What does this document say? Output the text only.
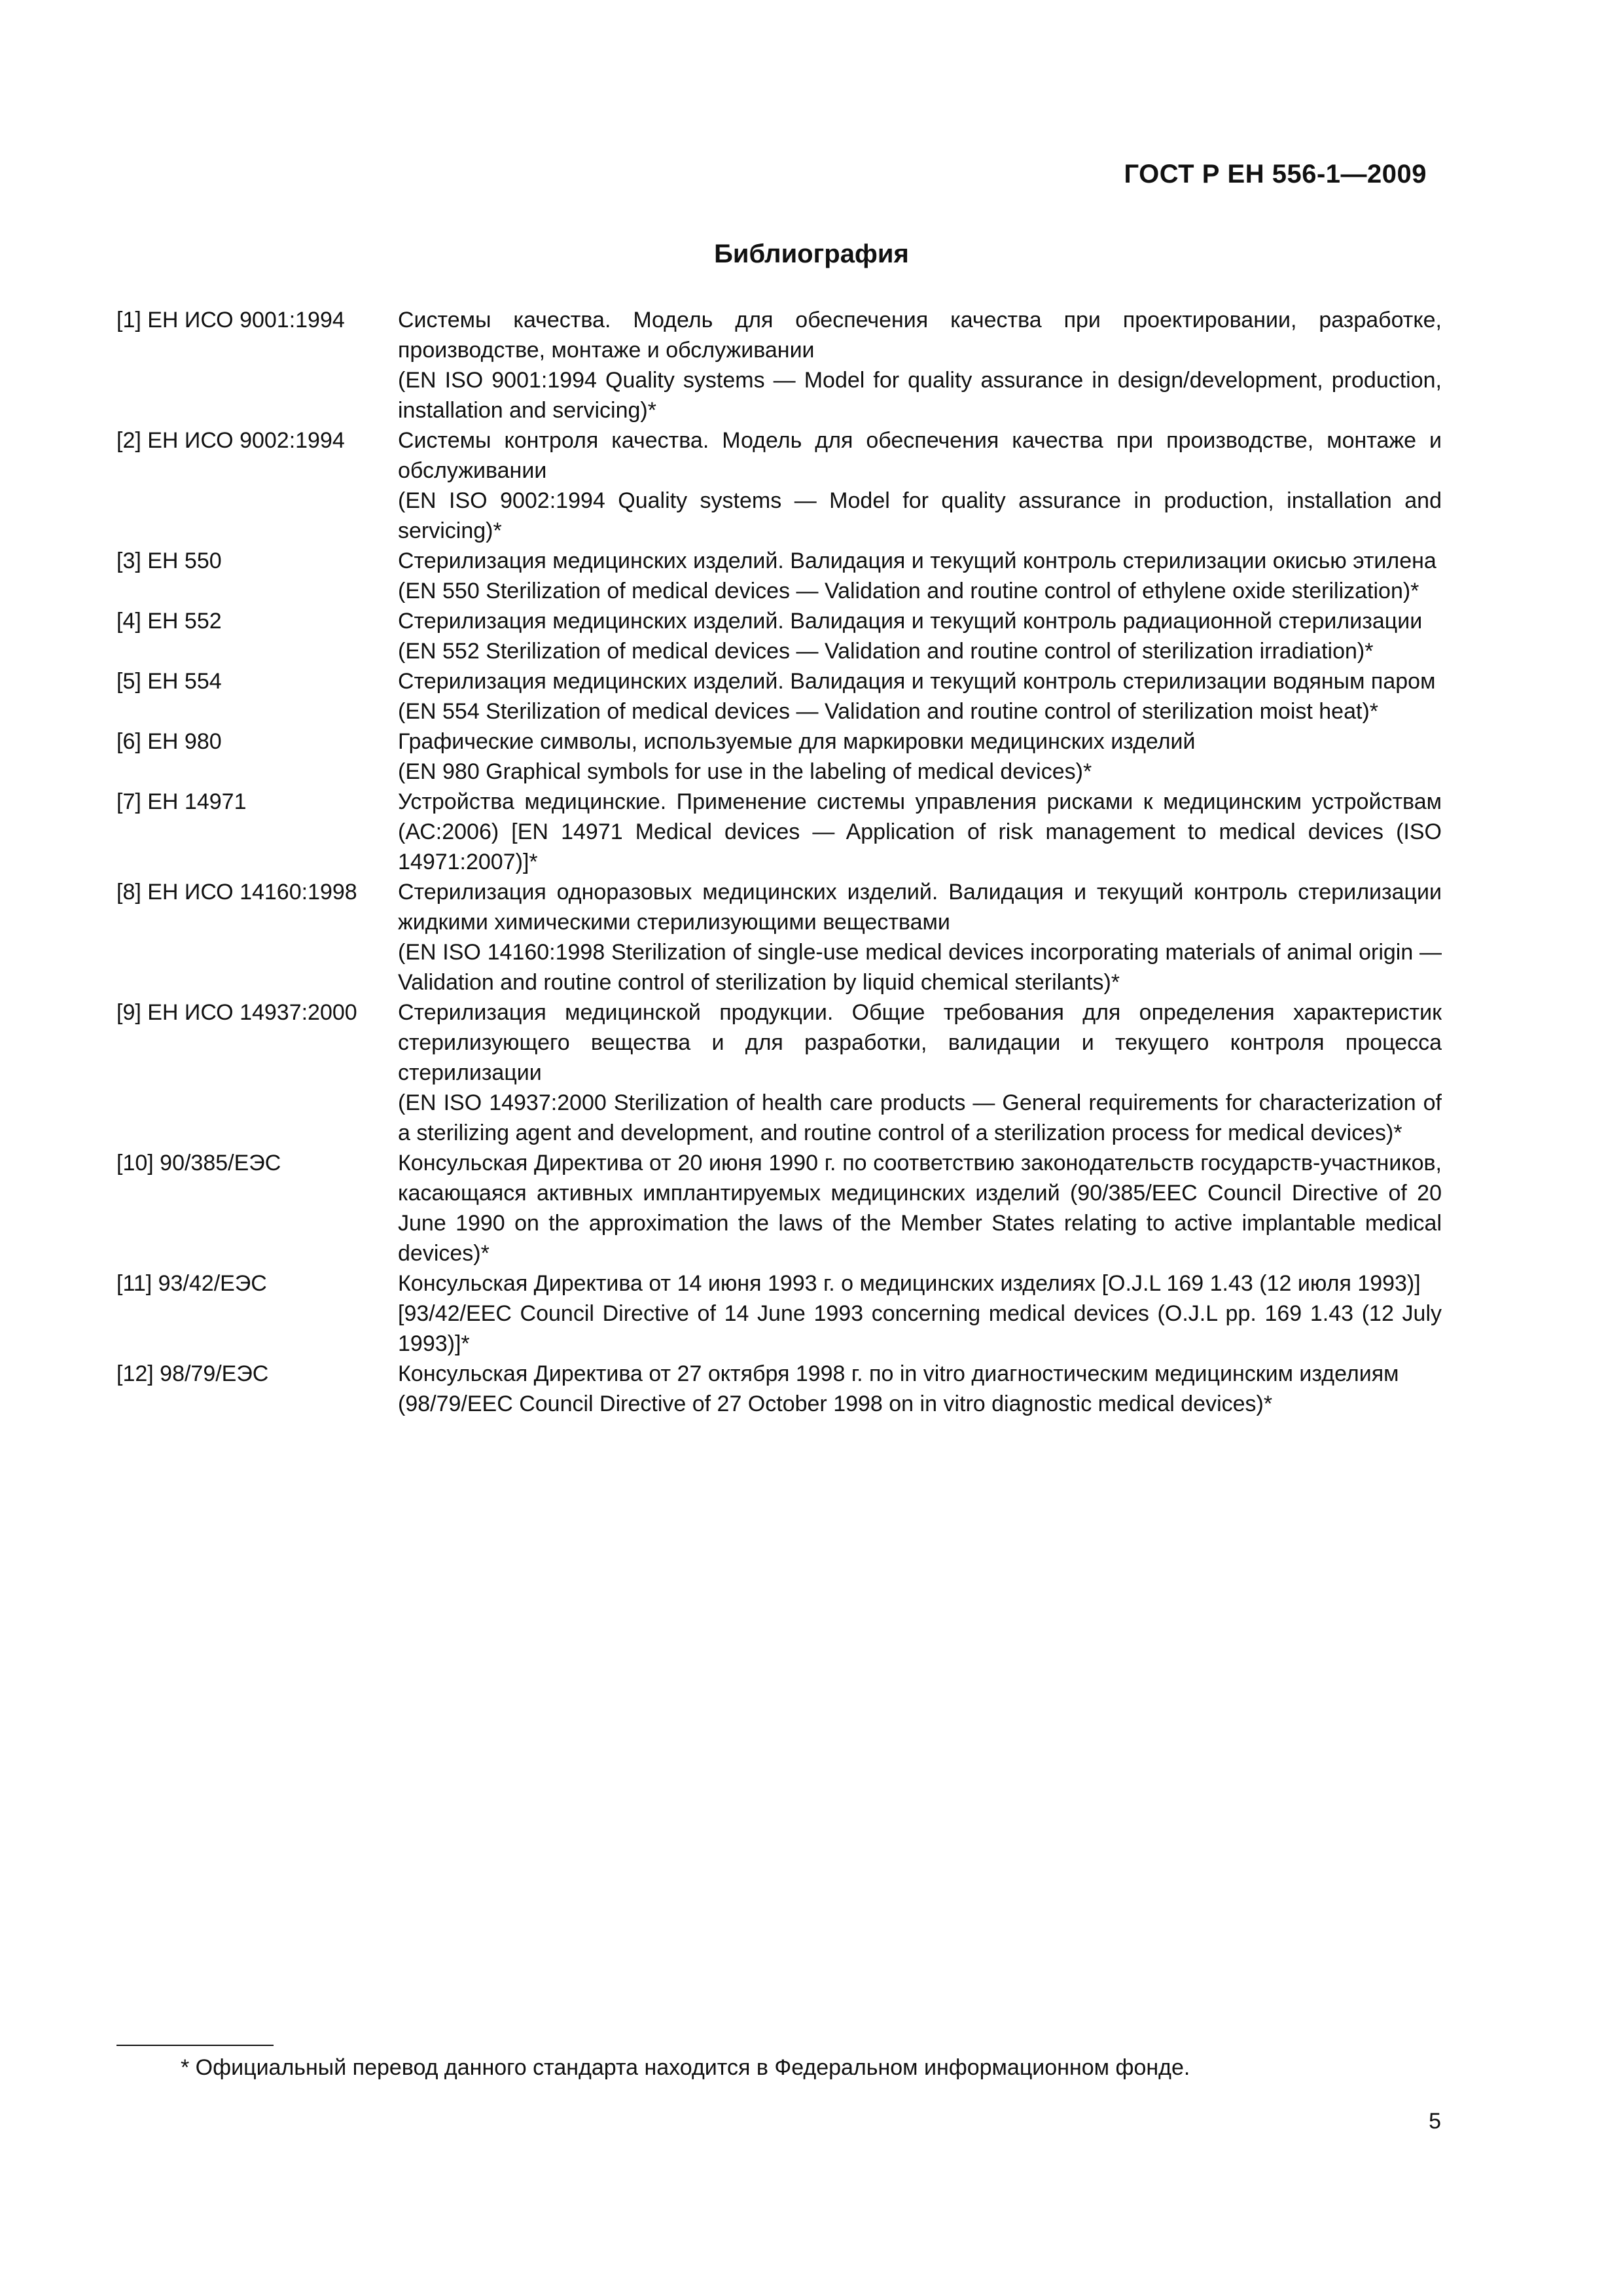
ГОСТ Р ЕН 556-1—2009
Библиография
[1] ЕН ИСО 9001:1994	Системы качества. Модель для обеспечения качества при проектировании, разработке, производстве, монтаже и обслуживании
(EN ISO 9001:1994 Quality systems — Model for quality assurance in design/development, production, installation and servicing)*
[2] ЕН ИСО 9002:1994	Системы контроля качества. Модель для обеспечения качества при производстве, монтаже и обслуживании
(EN ISO 9002:1994 Quality systems — Model for quality assurance in production, installation and servicing)*
[3] ЕН 550	Стерилизация медицинских изделий. Валидация и текущий контроль стерилизации окисью этилена
(EN 550 Sterilization of medical devices — Validation and routine control of ethylene oxide sterilization)*
[4] ЕН 552	Стерилизация медицинских изделий. Валидация и текущий контроль радиационной стерилизации
(EN 552 Sterilization of medical devices — Validation and routine control of sterilization irradiation)*
[5] ЕН 554	Стерилизация медицинских изделий. Валидация и текущий контроль стерилизации водяным паром
(EN 554 Sterilization of medical devices — Validation and routine control of sterilization moist heat)*
[6] ЕН 980	Графические символы, используемые для маркировки медицинских изделий
(EN 980 Graphical symbols for use in the labeling of medical devices)*
[7] ЕН 14971	Устройства медицинские. Применение системы управления рисками к медицинским устройствам (АС:2006) [EN 14971 Medical devices — Application of risk management to medical devices (ISO 14971:2007)]*
[8] ЕН ИСО 14160:1998	Стерилизация одноразовых медицинских изделий. Валидация и текущий контроль стерилизации жидкими химическими стерилизующими веществами
(EN ISO 14160:1998 Sterilization of single-use medical devices incorporating materials of animal origin — Validation and routine control of sterilization by liquid chemical sterilants)*
[9] ЕН ИСО 14937:2000	Стерилизация медицинской продукции. Общие требования для определения характеристик стерилизующего вещества и для разработки, валидации и текущего контроля процесса стерилизации
(EN ISO 14937:2000 Sterilization of health care products — General requirements for characterization of a sterilizing agent and development, and routine control of a sterilization process for medical devices)*
[10] 90/385/ЕЭС	Консульская Директива от 20 июня 1990 г. по соответствию законодательств государств-участников, касающаяся активных имплантируемых медицинских изделий (90/385/EEC Council Directive of 20 June 1990 on the approximation the laws of the Member States relating to active implantable medical devices)*
[11] 93/42/ЕЭС	Консульская Директива от 14 июня 1993 г. о медицинских изделиях [O.J.L 169 1.43 (12 июля 1993)]
[93/42/EEC Council Directive of 14 June 1993 concerning medical devices (O.J.L pp. 169 1.43 (12 July 1993)]*
[12] 98/79/ЕЭС	Консульская Директива от 27 октября 1998 г. по in vitro диагностическим медицинским изделиям
(98/79/EEC Council Directive of 27 October 1998 on in vitro diagnostic medical devices)*
* Официальный перевод данного стандарта находится в Федеральном информационном фонде.
5
